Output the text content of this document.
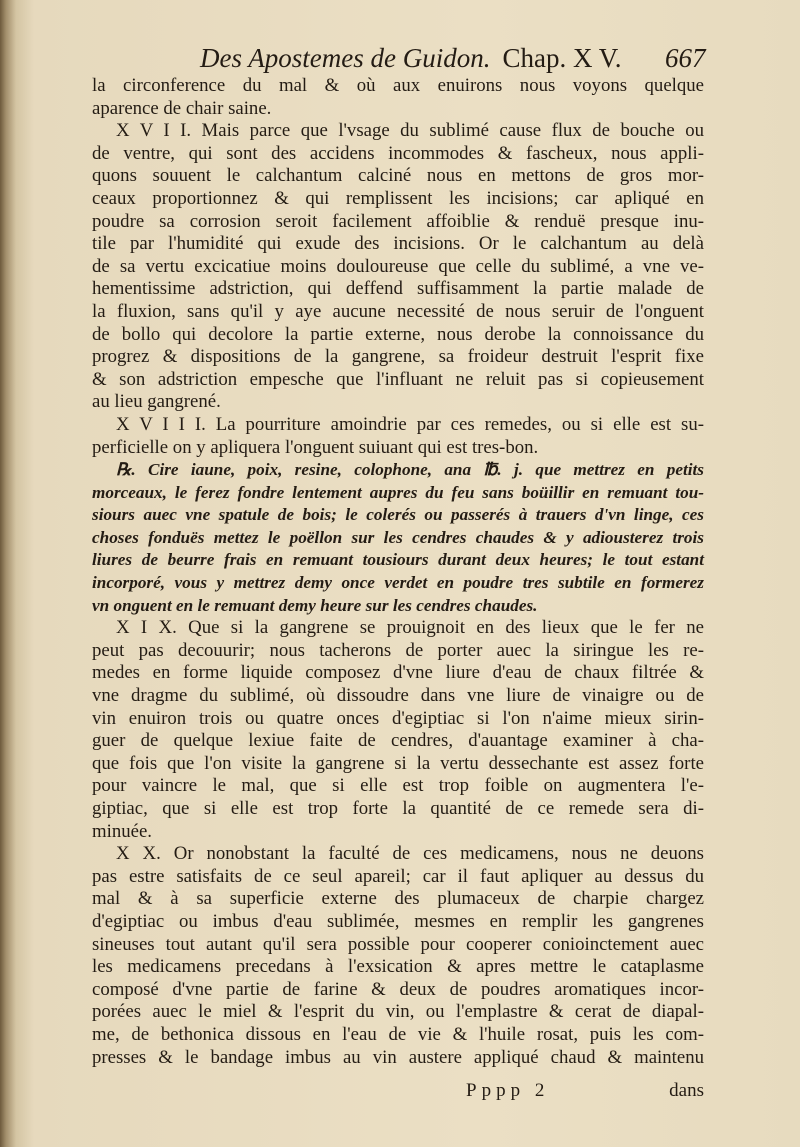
Des Apostemes de Guidon. Chap. X V. 667
la circonference du mal & où aux enuirons nous voyons quelque
aparence de chair saine.
X V I I. Mais parce que l'vsage du sublimé cause flux de bouche ou
de ventre, qui sont des accidens incommodes & fascheux, nous appli-
quons souuent le calchantum calciné nous en mettons de gros mor-
ceaux proportionnez & qui remplissent les incisions; car apliqué en
poudre sa corrosion seroit facilement affoiblie & renduë presque inu-
tile par l'humidité qui exude des incisions. Or le calchantum au delà
de sa vertu excicatiue moins douloureuse que celle du sublimé, a vne ve-
hementissime adstriction, qui deffend suffisamment la partie malade de
la fluxion, sans qu'il y aye aucune necessité de nous seruir de l'onguent
de bollo qui decolore la partie externe, nous derobe la connoissance du
progrez & dispositions de la gangrene, sa froideur destruit l'esprit fixe
& son adstriction empesche que l'influant ne reluit pas si copieusement
au lieu gangrené.
X V I I I. La pourriture amoindrie par ces remedes, ou si elle est su-
perficielle on y apliquera l'onguent suiuant qui est tres-bon.
℞. Cire iaune, poix, resine, colophone, ana ℔. j. que mettrez en petits
morceaux, le ferez fondre lentement aupres du feu sans boüillir en remuant tou-
siours auec vne spatule de bois; le colerés ou passerés à trauers d'vn linge, ces
choses fonduës mettez le poëllon sur les cendres chaudes & y adiousterez trois
liures de beurre frais en remuant tousiours durant deux heures; le tout estant
incorporé, vous y mettrez demy once verdet en poudre tres subtile en formerez
vn onguent en le remuant demy heure sur les cendres chaudes.
X I X. Que si la gangrene se prouignoit en des lieux que le fer ne
peut pas decouurir; nous tacherons de porter auec la siringue les re-
medes en forme liquide composez d'vne liure d'eau de chaux filtrée &
vne dragme du sublimé, où dissoudre dans vne liure de vinaigre ou de
vin enuiron trois ou quatre onces d'egiptiac si l'on n'aime mieux sirin-
guer de quelque lexiue faite de cendres, d'auantage examiner à cha-
que fois que l'on visite la gangrene si la vertu dessechante est assez forte
pour vaincre le mal, que si elle est trop foible on augmentera l'e-
giptiac, que si elle est trop forte la quantité de ce remede sera di-
minuée.
X X. Or nonobstant la faculté de ces medicamens, nous ne deuons
pas estre satisfaits de ce seul apareil; car il faut apliquer au dessus du
mal & à sa superficie externe des plumaceux de charpie chargez
d'egiptiac ou imbus d'eau sublimée, mesmes en remplir les gangrenes
sineuses tout autant qu'il sera possible pour cooperer conioinctement auec
les medicamens precedans à l'exsication & apres mettre le cataplasme
composé d'vne partie de farine & deux de poudres aromatiques incor-
porées auec le miel & l'esprit du vin, ou l'emplastre & cerat de diapal-
me, de bethonica dissous en l'eau de vie & l'huile rosat, puis les com-
presses & le bandage imbus au vin austere appliqué chaud & maintenu
Pppp 2	dans
